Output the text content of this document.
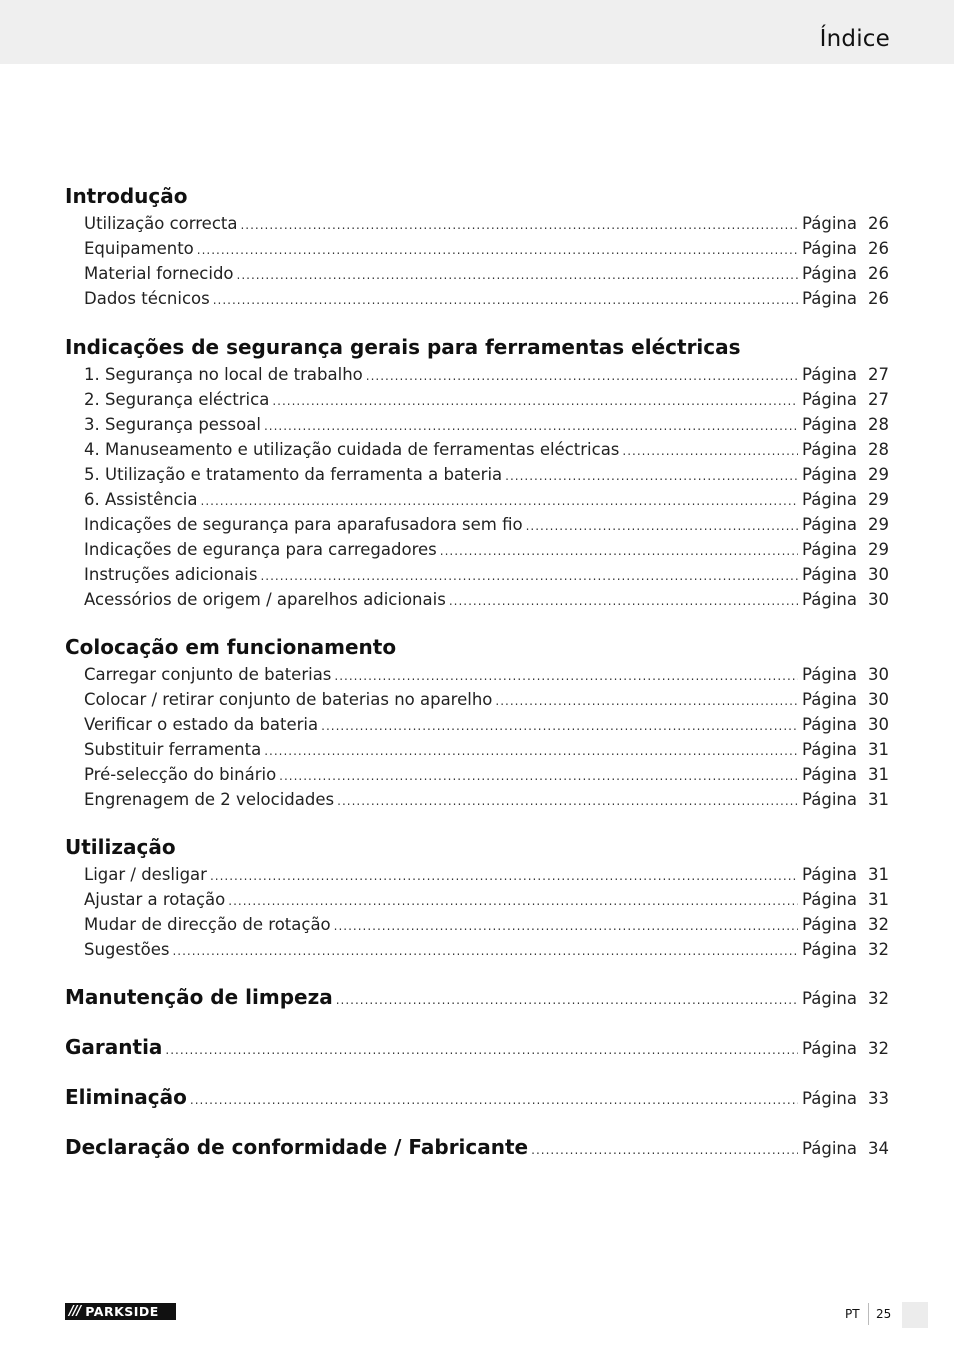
Índice
Introdução
Utilização correcta .....	Página 26
Equipamento .....	Página 26
Material fornecido .....	Página 26
Dados técnicos .....	Página 26
Indicações de segurança gerais para ferramentas eléctricas
1. Segurança no local de trabalho .....	Página 27
2. Segurança eléctrica .....	Página 27
3. Segurança pessoal .....	Página 28
4. Manuseamento e utilização cuidada de ferramentas eléctricas .....	Página 28
5. Utilização e tratamento da ferramenta a bateria .....	Página 29
6. Assistência .....	Página 29
Indicações de segurança para aparafusadora sem fio .....	Página 29
Indicações de egurança para carregadores .....	Página 29
Instruções adicionais .....	Página 30
Acessórios de origem / aparelhos adicionais .....	Página 30
Colocação em funcionamento
Carregar conjunto de baterias .....	Página 30
Colocar / retirar conjunto de baterias no aparelho .....	Página 30
Verificar o estado da bateria .....	Página 30
Substituir ferramenta .....	Página 31
Pré-selecção do binário .....	Página 31
Engrenagem de 2 velocidades .....	Página 31
Utilização
Ligar / desligar .....	Página 31
Ajustar a rotação .....	Página 31
Mudar de direcção de rotação .....	Página 32
Sugestões .....	Página 32
Manutenção de limpeza .....	Página 32
Garantia .....	Página 32
Eliminação .....	Página 33
Declaração de conformidade / Fabricante .....	Página 34
/// PARKSIDE	PT 25
